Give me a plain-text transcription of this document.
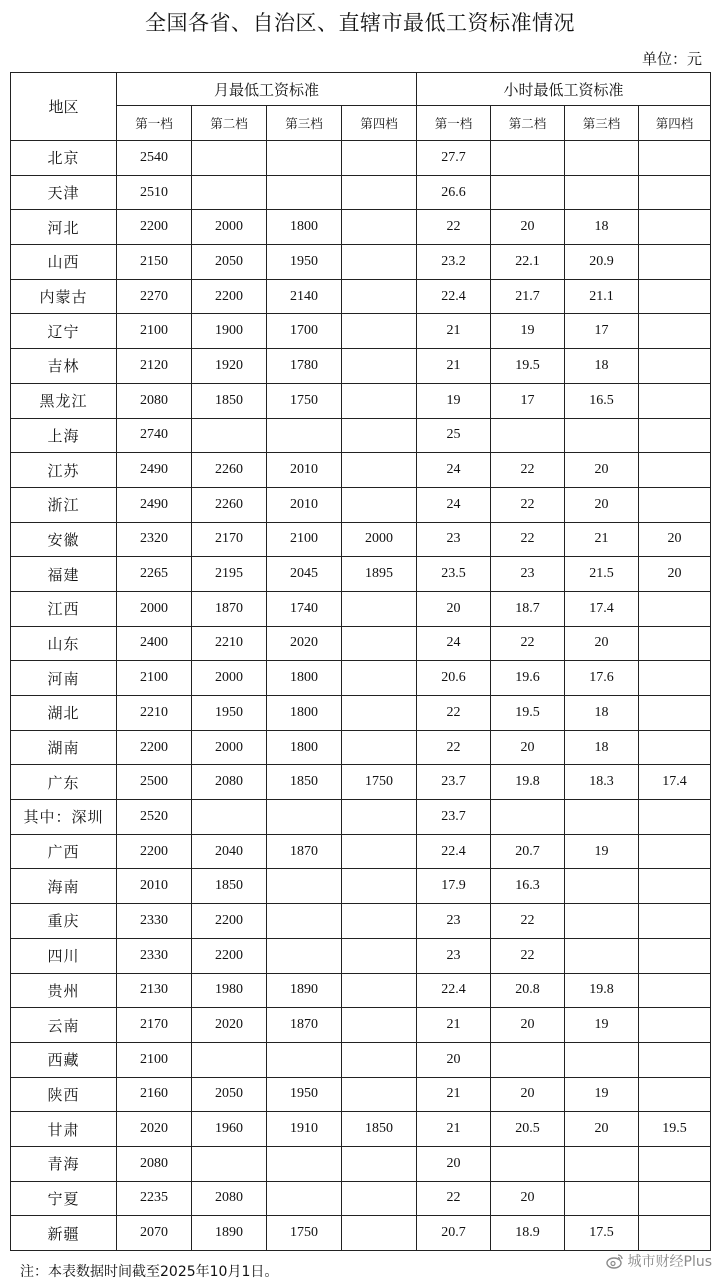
全国各省、自治区、直辖市最低工资标准情况
单位：元
地区	月最低工资标准				小时最低工资标准			
	第一档	第二档	第三档	第四档	第一档	第二档	第三档	第四档
北京	2540				27.7			
天津	2510				26.6			
河北	2200	2000	1800		22	20	18	
山西	2150	2050	1950		23.2	22.1	20.9	
内蒙古	2270	2200	2140		22.4	21.7	21.1	
辽宁	2100	1900	1700		21	19	17	
吉林	2120	1920	1780		21	19.5	18	
黑龙江	2080	1850	1750		19	17	16.5	
上海	2740				25			
江苏	2490	2260	2010		24	22	20	
浙江	2490	2260	2010		24	22	20	
安徽	2320	2170	2100	2000	23	22	21	20
福建	2265	2195	2045	1895	23.5	23	21.5	20
江西	2000	1870	1740		20	18.7	17.4	
山东	2400	2210	2020		24	22	20	
河南	2100	2000	1800		20.6	19.6	17.6	
湖北	2210	1950	1800		22	19.5	18	
湖南	2200	2000	1800		22	20	18	
广东	2500	2080	1850	1750	23.7	19.8	18.3	17.4
其中：深圳	2520				23.7			
广西	2200	2040	1870		22.4	20.7	19	
海南	2010	1850			17.9	16.3		
重庆	2330	2200			23	22		
四川	2330	2200			23	22		
贵州	2130	1980	1890		22.4	20.8	19.8	
云南	2170	2020	1870		21	20	19	
西藏	2100				20			
陕西	2160	2050	1950		21	20	19	
甘肃	2020	1960	1910	1850	21	20.5	20	19.5
青海	2080				20			
宁夏	2235	2080			22	20		
新疆	2070	1890	1750		20.7	18.9	17.5	
注：本表数据时间截至2025年10月1日。
城市财经Plus
